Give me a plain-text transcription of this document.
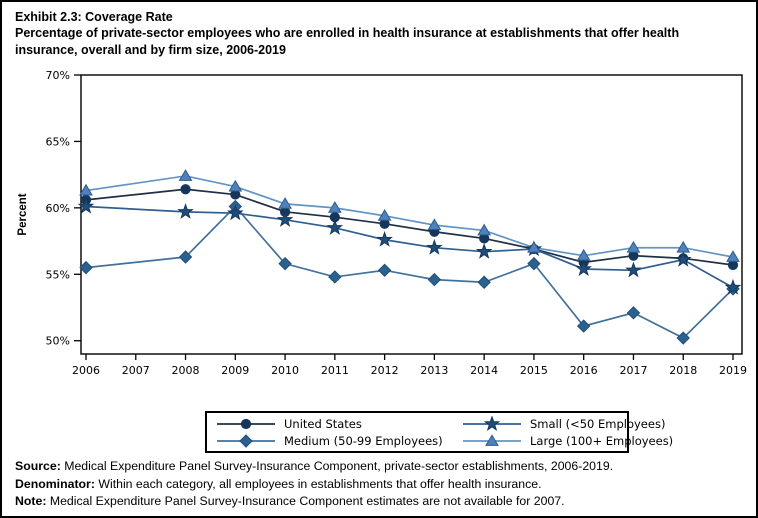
Exhibit 2.3: Coverage Rate
Percentage of private-sector employees who are enrolled in health insurance at establishments that offer health insurance, overall and by firm size, 2006-2019
50%
55%
60%
65%
70%
2006 2007 2008 2009 2010 2011 2012 2013 2014 2015 2016 2017 2018 2019
Percent
United States	Small (<50 Employees)
Medium (50-99 Employees)	Large (100+ Employees)
Source: Medical Expenditure Panel Survey-Insurance Component, private-sector establishments, 2006-2019.
Denominator: Within each category, all employees in establishments that offer health insurance.
Note: Medical Expenditure Panel Survey-Insurance Component estimates are not available for 2007.
